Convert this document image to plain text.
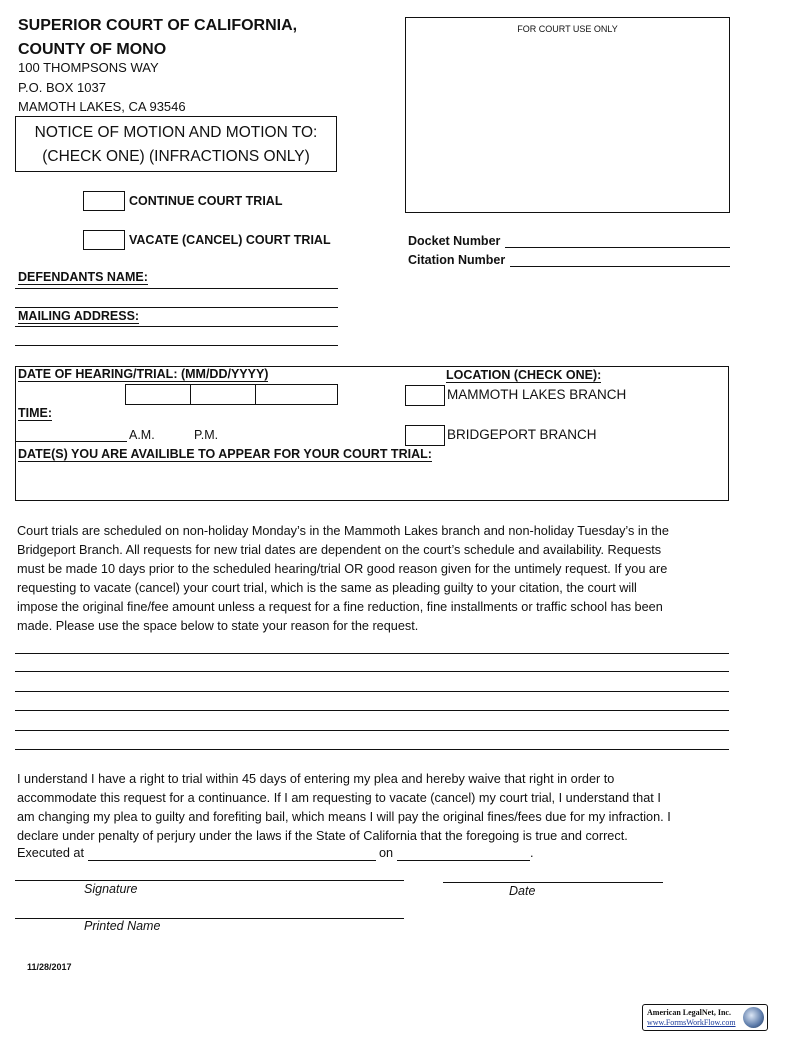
SUPERIOR COURT OF CALIFORNIA,
COUNTY OF MONO
100 THOMPSONS WAY
P.O. BOX 1037
MAMOTH LAKES, CA 93546
NOTICE OF MOTION AND MOTION TO:
(CHECK ONE) (INFRACTIONS ONLY)
FOR COURT USE ONLY
CONTINUE COURT TRIAL
VACATE (CANCEL) COURT TRIAL	Docket Number
Citation Number
DEFENDANTS NAME:
MAILING ADDRESS:
DATE OF HEARING/TRIAL: (MM/DD/YYYY)
TIME:
A.M.	P.M.
LOCATION (CHECK ONE):
MAMMOTH LAKES BRANCH
BRIDGEPORT BRANCH
DATE(S) YOU ARE AVAILIBLE TO APPEAR FOR YOUR COURT TRIAL:
Court trials are scheduled on non-holiday Monday’s in the Mammoth Lakes branch and non-holiday Tuesday’s in the
Bridgeport Branch. All requests for new trial dates are dependent on the court’s schedule and availability. Requests
must be made 10 days prior to the scheduled hearing/trial OR good reason given for the untimely request. If you are
requesting to vacate (cancel) your court trial, which is the same as pleading guilty to your citation, the court will
impose the original fine/fee amount unless a request for a fine reduction, fine installments or traffic school has been
made. Please use the space below to state your reason for the request.
I understand I have a right to trial within 45 days of entering my plea and hereby waive that right in order to
accommodate this request for a continuance. If I am requesting to vacate (cancel) my court trial, I understand that I
am changing my plea to guilty and forefiting bail, which means I will pay the original fines/fees due for my infraction. I
declare under penalty of perjury under the laws if the State of California that the foregoing is true and correct.
Executed at	on	.
Signature	Date
Printed Name
11/28/2017
American LegalNet, Inc.
www.FormsWorkFlow.com
